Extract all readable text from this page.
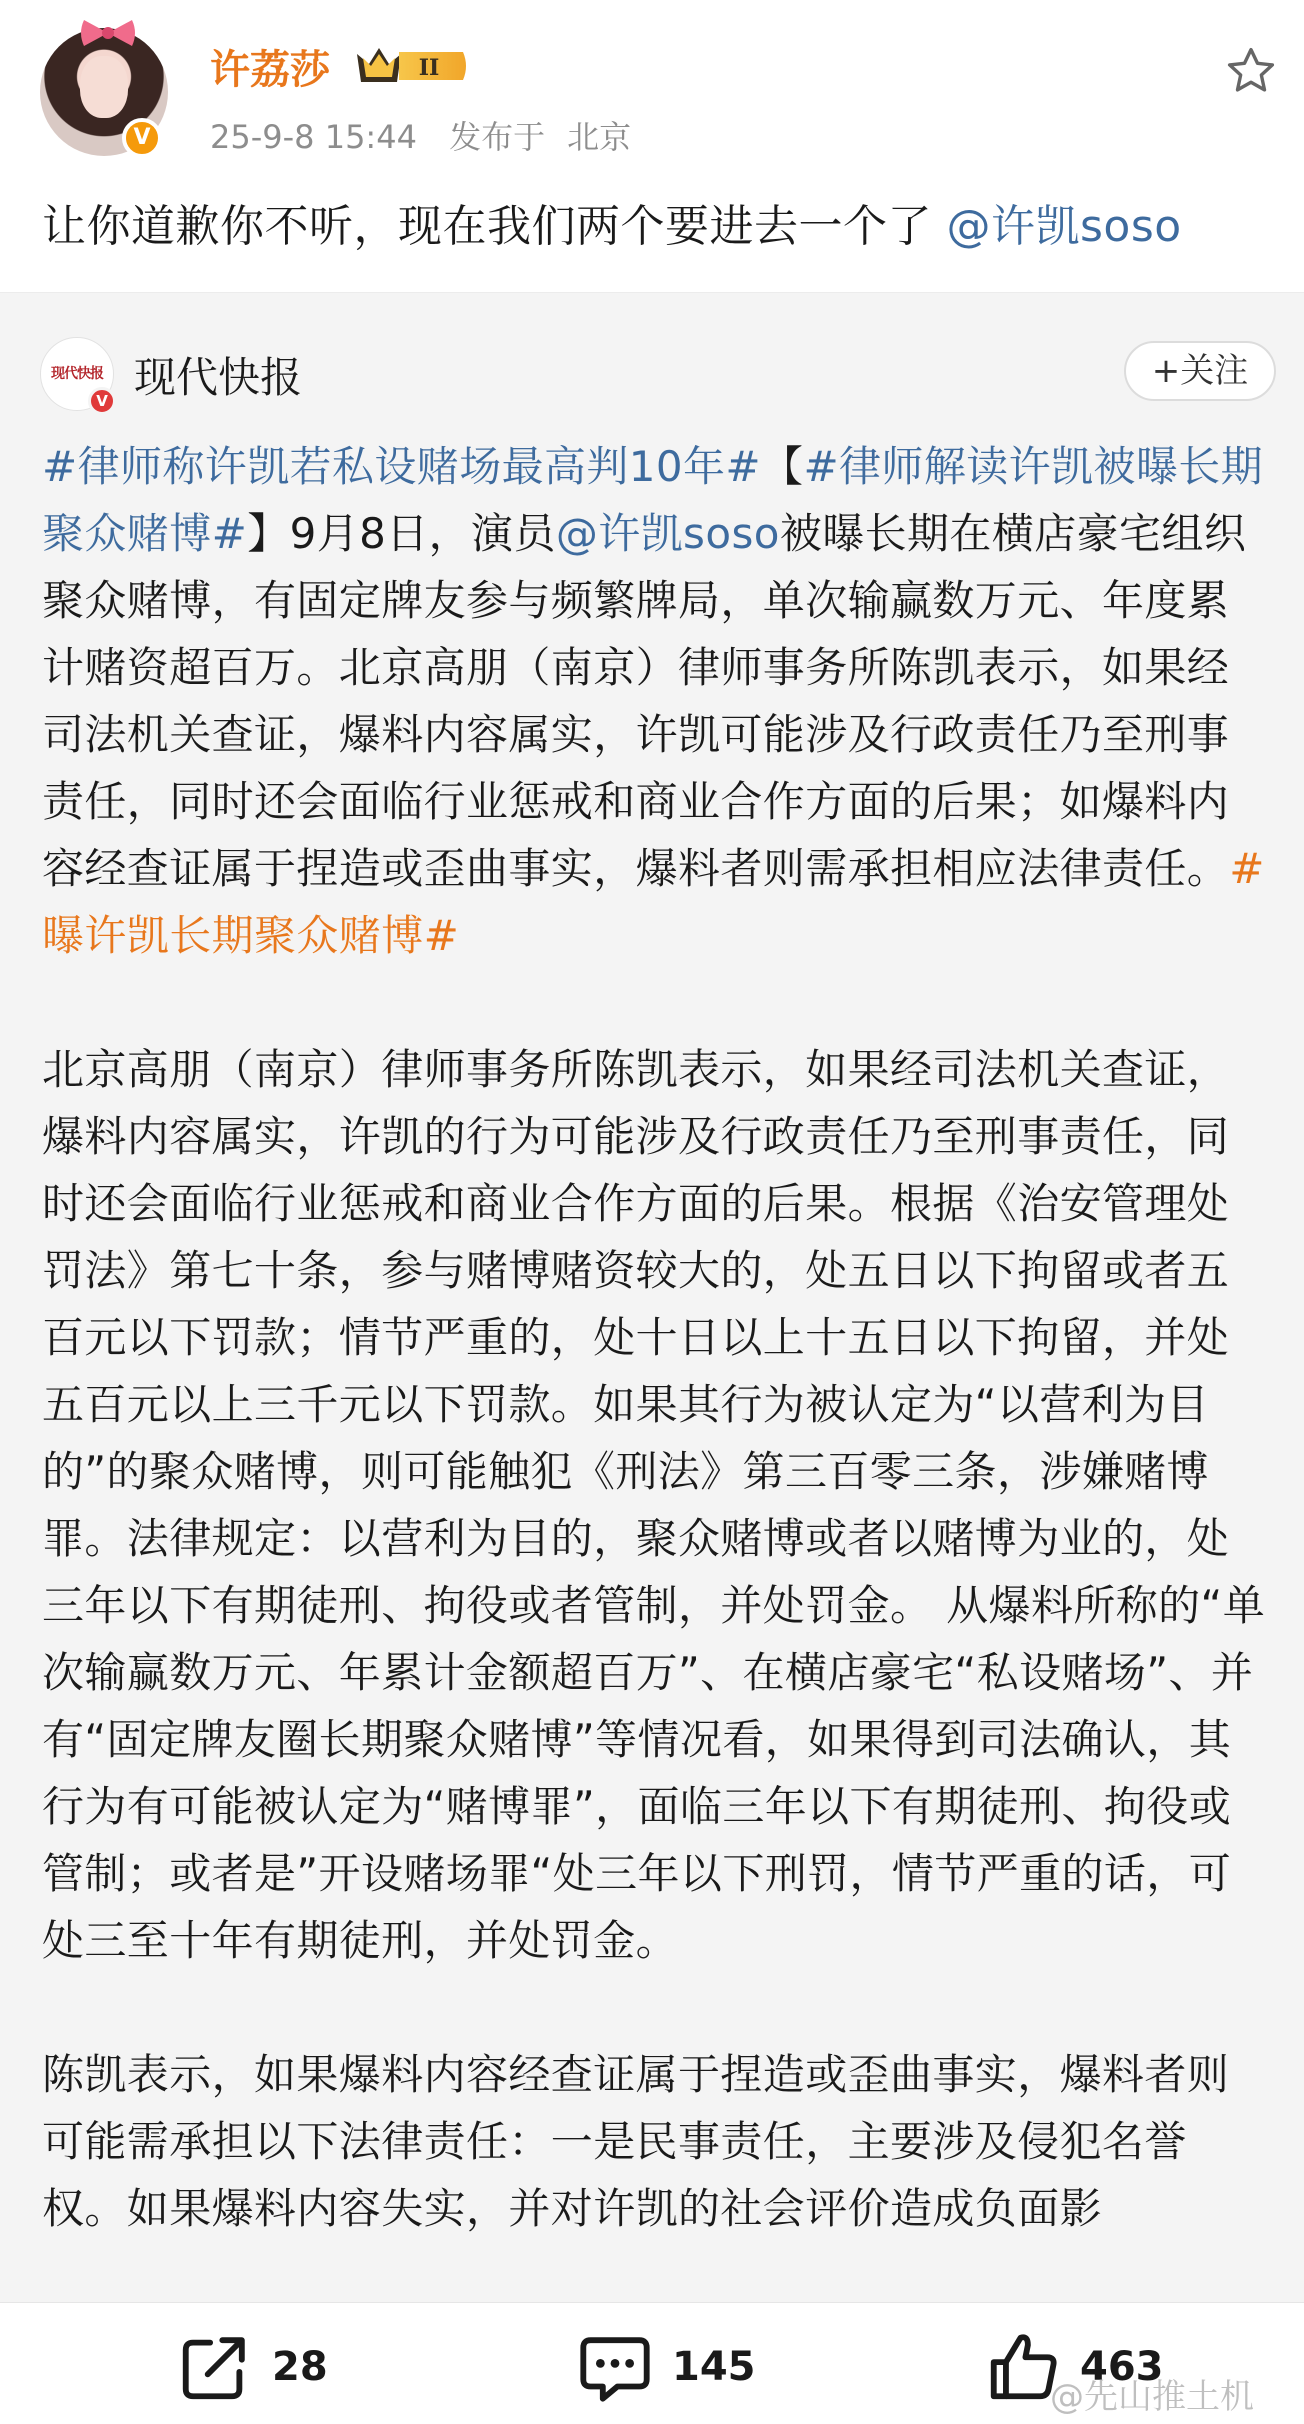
V
许荔莎	II
25-9-8 15:44 发布于 北京
让你道歉你不听，现在我们两个要进去一个了 @许凯soso
现代快报
V 现代快报	+关注

#律师称许凯若私设赌场最高判10年#【#律师解读许凯被曝长期聚众赌博#】9月8日，演员@许凯soso被曝长期在横店豪宅组织聚众赌博，有固定牌友参与频繁牌局，单次输赢数万元、年度累计赌资超百万。北京高朋（南京）律师事务所陈凯表示，如果经司法机关查证，爆料内容属实，许凯可能涉及行政责任乃至刑事责任，同时还会面临行业惩戒和商业合作方面的后果；如爆料内容经查证属于捏造或歪曲事实，爆料者则需承担相应法律责任。#曝许凯长期聚众赌博#

北京高朋（南京）律师事务所陈凯表示，如果经司法机关查证，爆料内容属实，许凯的行为可能涉及行政责任乃至刑事责任，同时还会面临行业惩戒和商业合作方面的后果。根据《治安管理处罚法》第七十条，参与赌博赌资较大的，处五日以下拘留或者五百元以下罚款；情节严重的，处十日以上十五日以下拘留，并处五百元以上三千元以下罚款。如果其行为被认定为“以营利为目的”的聚众赌博，则可能触犯《刑法》第三百零三条，涉嫌赌博罪。法律规定：以营利为目的，聚众赌博或者以赌博为业的，处三年以下有期徒刑、拘役或者管制，并处罚金。 从爆料所称的“单次输赢数万元、年累计金额超百万”、在横店豪宅“私设赌场”、并有“固定牌友圈长期聚众赌博”等情况看，如果得到司法确认，其行为有可能被认定为“赌博罪”，面临三年以下有期徒刑、拘役或管制；或者是”开设赌场罪“处三年以下刑罚，情节严重的话，可处三至十年有期徒刑，并处罚金。

陈凯表示，如果爆料内容经查证属于捏造或歪曲事实，爆料者则可能需承担以下法律责任：一是民事责任，主要涉及侵犯名誉权。如果爆料内容失实，并对许凯的社会评价造成负面影

28	145	463
@先山推土机
